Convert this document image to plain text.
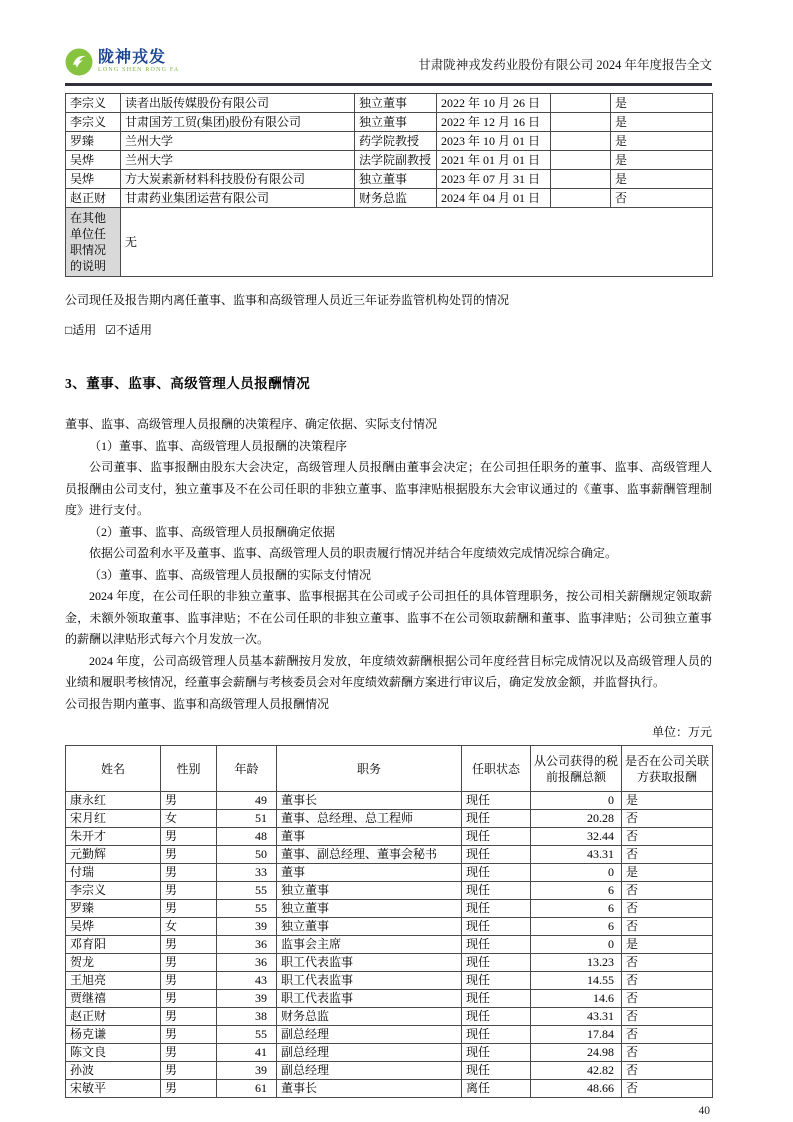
陇神戎发
LONG SHEN RONG FA	甘肃陇神戎发药业股份有限公司 2024 年年度报告全文
李宗义	读者出版传媒股份有限公司	独立董事	2022 年 10 月 26 日		是
李宗义	甘肃国芳工贸(集团)股份有限公司	独立董事	2022 年 12 月 16 日		是
罗臻	兰州大学	药学院教授	2023 年 10 月 01 日		是
吴烨	兰州大学	法学院副教授	2021 年 01 月 01 日		是
吴烨	方大炭素新材料科技股份有限公司	独立董事	2023 年 07 月 31 日		是
赵正财	甘肃药业集团运营有限公司	财务总监	2024 年 04 月 01 日		否
在其他单位任职情况的说明	无				
公司现任及报告期内离任董事、监事和高级管理人员近三年证券监管机构处罚的情况
□适用 ☑不适用
3、董事、监事、高级管理人员报酬情况

董事、监事、高级管理人员报酬的决策程序、确定依据、实际支付情况

（1）董事、监事、高级管理人员报酬的决策程序

公司董事、监事报酬由股东大会决定，高级管理人员报酬由董事会决定；在公司担任职务的董事、监事、高级管理人员报酬由公司支付，独立董事及不在公司任职的非独立董事、监事津贴根据股东大会审议通过的《董事、监事薪酬管理制度》进行支付。

（2）董事、监事、高级管理人员报酬确定依据

依据公司盈利水平及董事、监事、高级管理人员的职责履行情况并结合年度绩效完成情况综合确定。

（3）董事、监事、高级管理人员报酬的实际支付情况

2024 年度，在公司任职的非独立董事、监事根据其在公司或子公司担任的具体管理职务，按公司相关薪酬规定领取薪金，未额外领取董事、监事津贴；不在公司任职的非独立董事、监事不在公司领取薪酬和董事、监事津贴；公司独立董事的薪酬以津贴形式每六个月发放一次。

2024 年度，公司高级管理人员基本薪酬按月发放，年度绩效薪酬根据公司年度经营目标完成情况以及高级管理人员的业绩和履职考核情况，经董事会薪酬与考核委员会对年度绩效薪酬方案进行审议后，确定发放金额，并监督执行。

公司报告期内董事、监事和高级管理人员报酬情况

单位：万元
姓名	性别	年龄	职务	任职状态	从公司获得的税前报酬总额	是否在公司关联方获取报酬
康永红	男	49	董事长	现任	0	是
宋月红	女	51	董事、总经理、总工程师	现任	20.28	否
朱开才	男	48	董事	现任	32.44	否
元勤辉	男	50	董事、副总经理、董事会秘书	现任	43.31	否
付瑞	男	33	董事	现任	0	是
李宗义	男	55	独立董事	现任	6	否
罗臻	男	55	独立董事	现任	6	否
吴烨	女	39	独立董事	现任	6	否
邓育阳	男	36	监事会主席	现任	0	是
贺龙	男	36	职工代表监事	现任	13.23	否
王旭亮	男	43	职工代表监事	现任	14.55	否
贾继禧	男	39	职工代表监事	现任	14.6	否
赵正财	男	38	财务总监	现任	43.31	否
杨克谦	男	55	副总经理	现任	17.84	否
陈文良	男	41	副总经理	现任	24.98	否
孙波	男	39	副总经理	现任	42.82	否
宋敏平	男	61	董事长	离任	48.66	否
40
